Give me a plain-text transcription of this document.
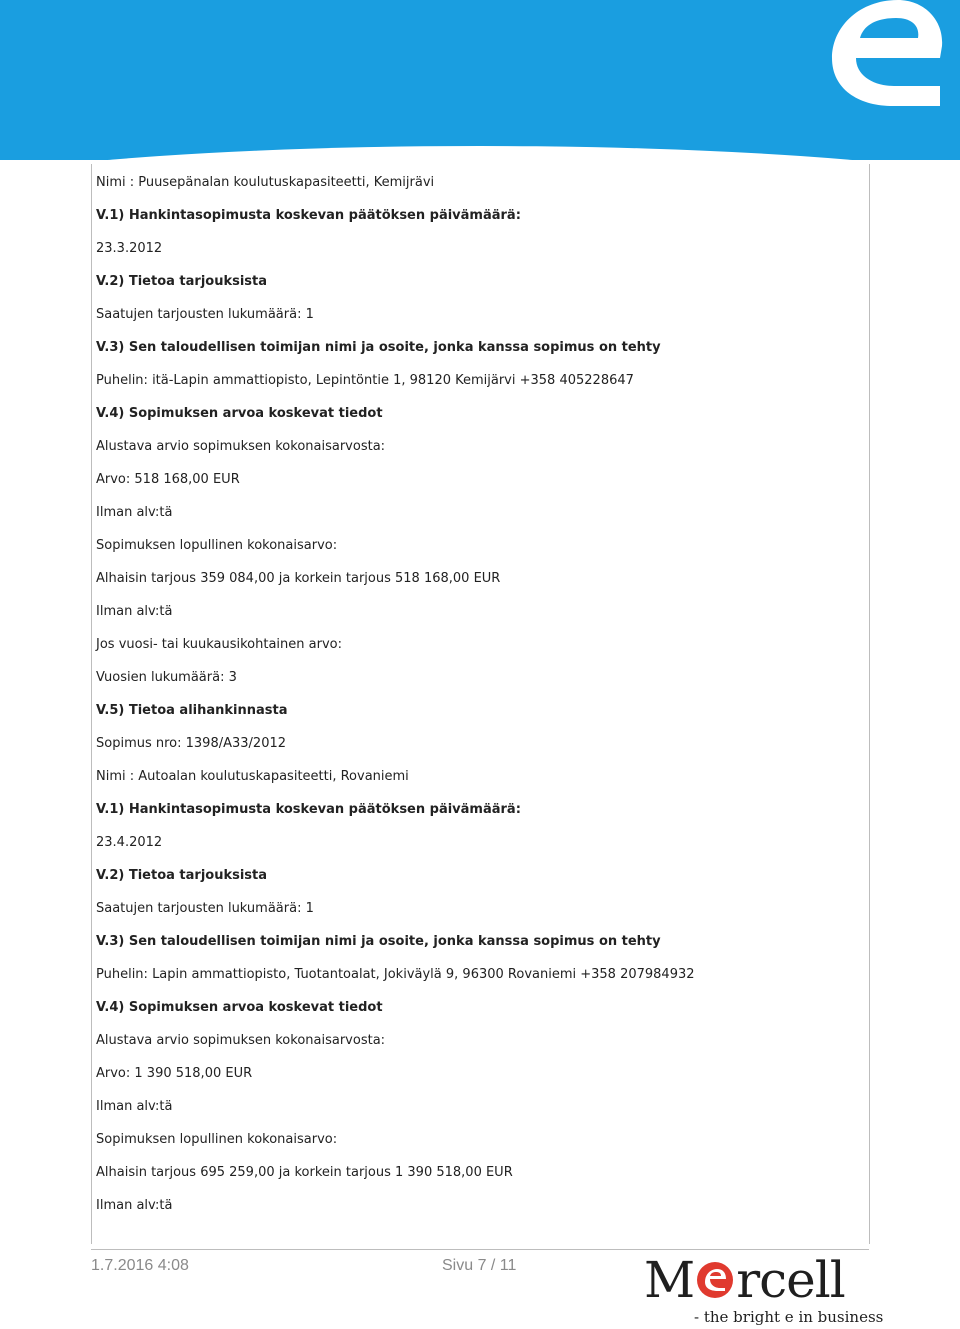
Nimi : Puusepänalan koulutuskapasiteetti, Kemijrävi
V.1) Hankintasopimusta koskevan päätöksen päivämäärä:
23.3.2012
V.2) Tietoa tarjouksista
Saatujen tarjousten lukumäärä: 1
V.3) Sen taloudellisen toimijan nimi ja osoite, jonka kanssa sopimus on tehty
Puhelin: itä-Lapin ammattiopisto, Lepintöntie 1, 98120 Kemijärvi +358 405228647
V.4) Sopimuksen arvoa koskevat tiedot
Alustava arvio sopimuksen kokonaisarvosta:
Arvo: 518 168,00 EUR
Ilman alv:tä
Sopimuksen lopullinen kokonaisarvo:
Alhaisin tarjous 359 084,00 ja korkein tarjous 518 168,00 EUR
Ilman alv:tä
Jos vuosi- tai kuukausikohtainen arvo:
Vuosien lukumäärä: 3
V.5) Tietoa alihankinnasta
Sopimus nro: 1398/A33/2012
Nimi : Autoalan koulutuskapasiteetti, Rovaniemi
V.1) Hankintasopimusta koskevan päätöksen päivämäärä:
23.4.2012
V.2) Tietoa tarjouksista
Saatujen tarjousten lukumäärä: 1
V.3) Sen taloudellisen toimijan nimi ja osoite, jonka kanssa sopimus on tehty
Puhelin: Lapin ammattiopisto, Tuotantoalat, Jokiväylä 9, 96300 Rovaniemi +358 207984932
V.4) Sopimuksen arvoa koskevat tiedot
Alustava arvio sopimuksen kokonaisarvosta:
Arvo: 1 390 518,00 EUR
Ilman alv:tä
Sopimuksen lopullinen kokonaisarvo:
Alhaisin tarjous 695 259,00 ja korkein tarjous 1 390 518,00 EUR
Ilman alv:tä
1.7.2016 4:08	Sivu 7 / 11	M rcell
- the bright e in business
